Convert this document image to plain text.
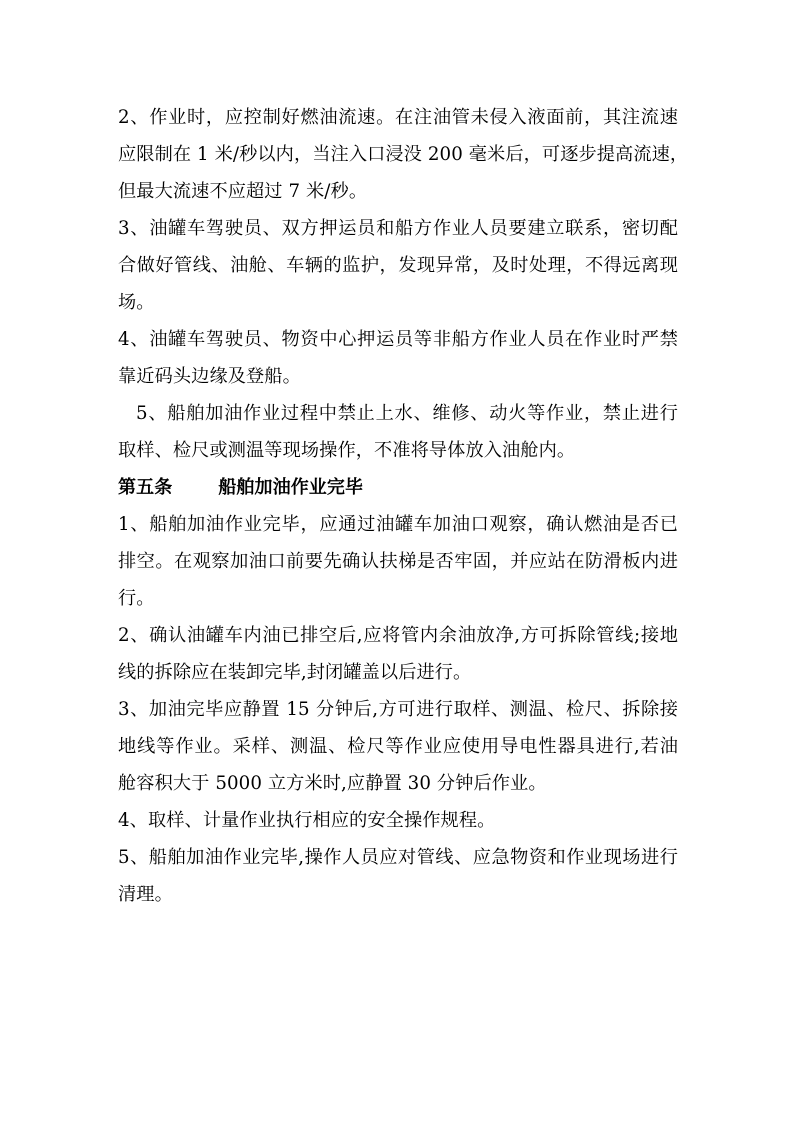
2、作业时，应控制好燃油流速。在注油管未侵入液面前，其注流速
应限制在 1 米/秒以内，当注入口浸没 200 毫米后，可逐步提高流速，
但最大流速不应超过 7 米/秒。
3、油罐车驾驶员、双方押运员和船方作业人员要建立联系，密切配
合做好管线、油舱、车辆的监护，发现异常，及时处理，不得远离现
场。
4、油罐车驾驶员、物资中心押运员等非船方作业人员在作业时严禁
靠近码头边缘及登船。
5、船舶加油作业过程中禁止上水、维修、动火等作业，禁止进行
取样、检尺或测温等现场操作，不准将导体放入油舱内。
第五条	船舶加油作业完毕
1、船舶加油作业完毕，应通过油罐车加油口观察，确认燃油是否已
排空。在观察加油口前要先确认扶梯是否牢固，并应站在防滑板内进
行。
2、确认油罐车内油已排空后,应将管内余油放净,方可拆除管线;接地
线的拆除应在装卸完毕,封闭罐盖以后进行。
3、加油完毕应静置 15 分钟后,方可进行取样、测温、检尺、拆除接
地线等作业。采样、测温、检尺等作业应使用导电性器具进行,若油
舱容积大于 5000 立方米时,应静置 30 分钟后作业。
4、取样、计量作业执行相应的安全操作规程。
5、船舶加油作业完毕,操作人员应对管线、应急物资和作业现场进行
清理。
